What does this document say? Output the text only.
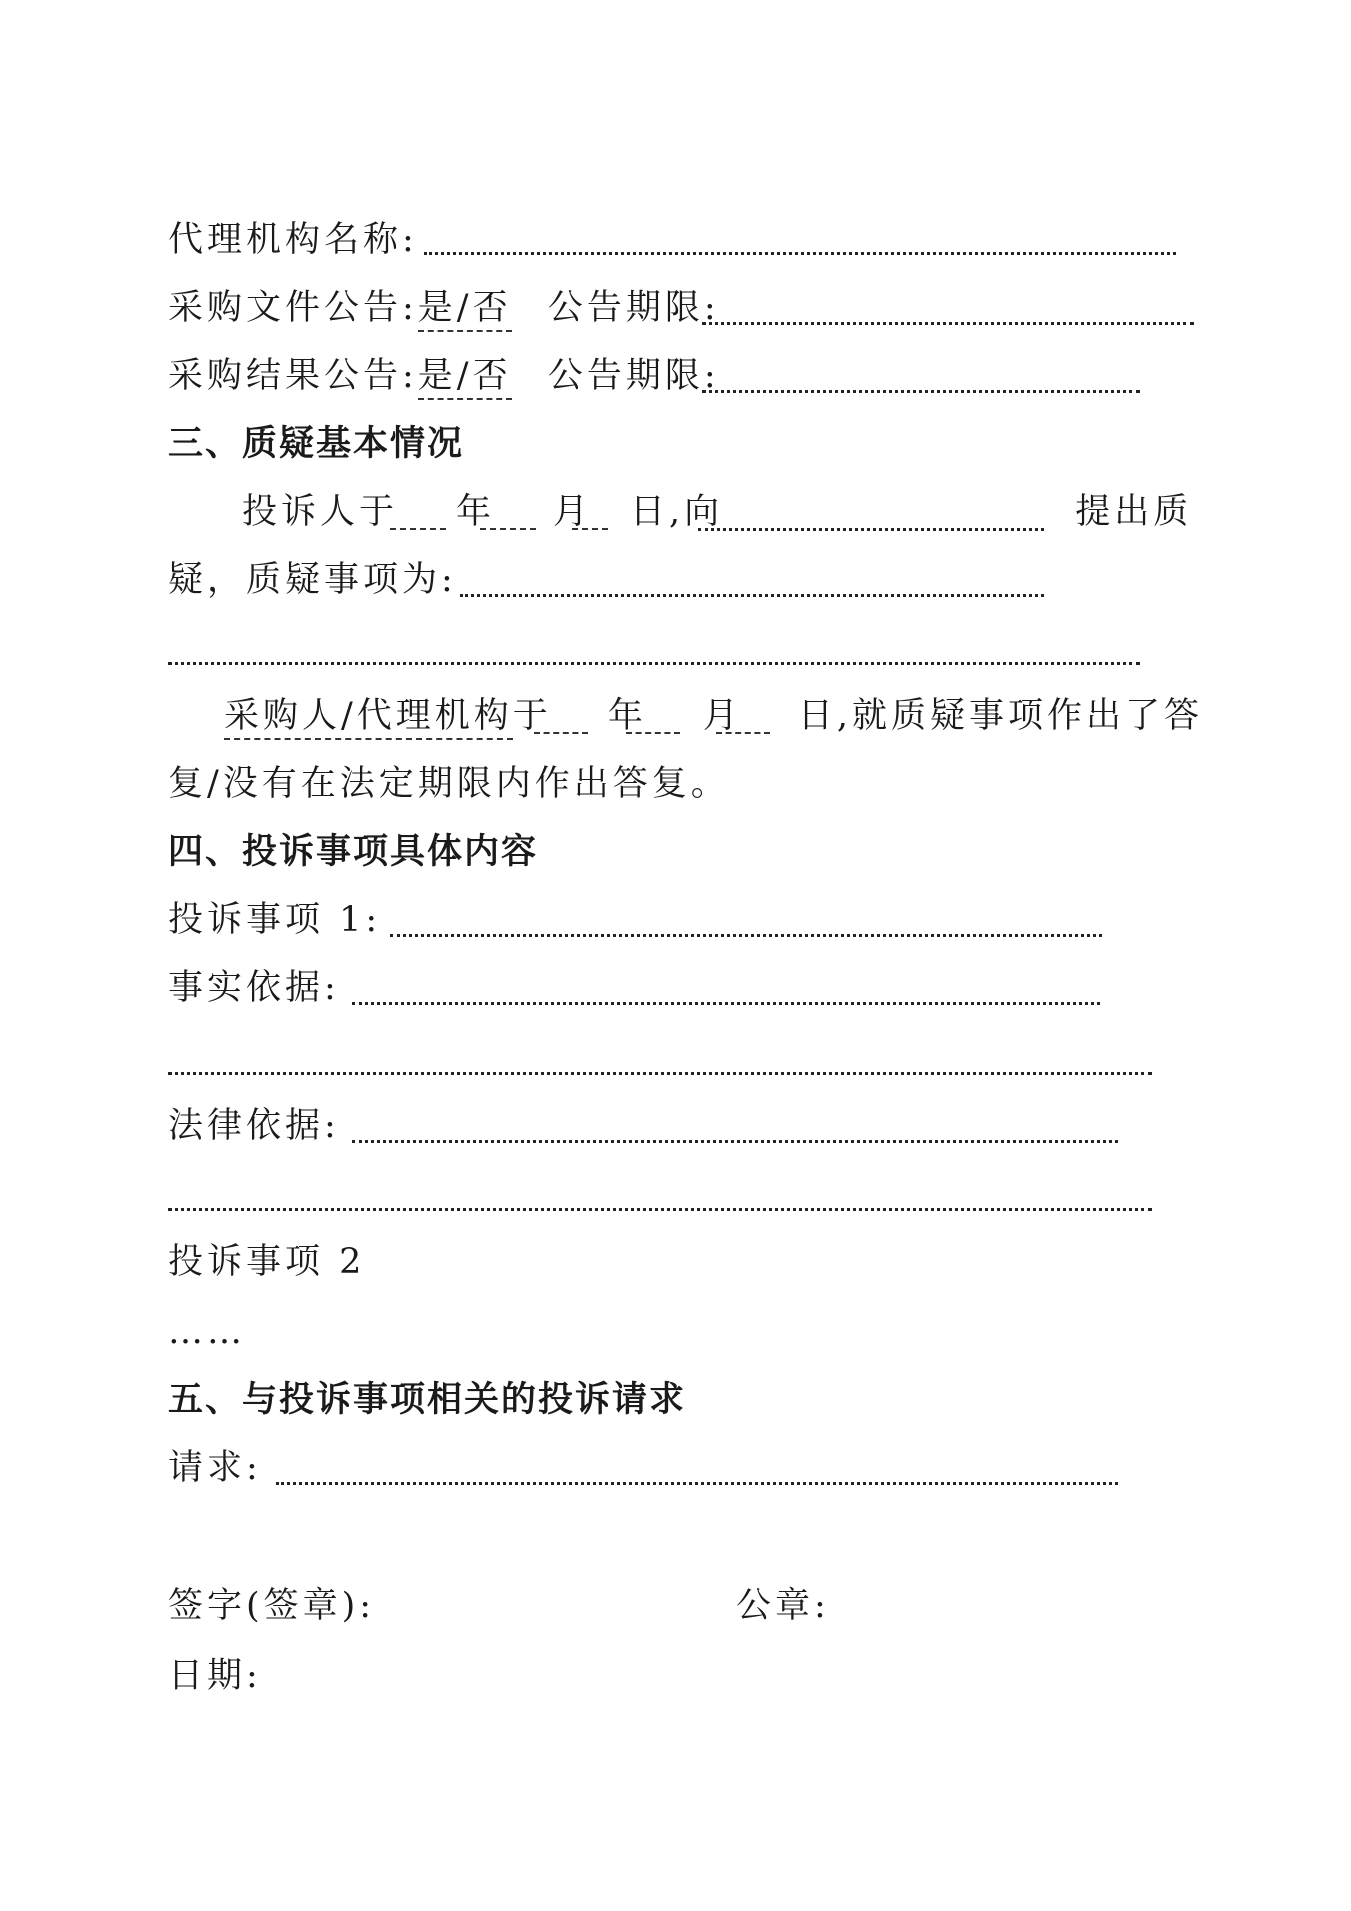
代理机构名称:
采购文件公告:是/否 公告期限:
采购结果公告:是/否 公告期限:
三、质疑基本情况
投诉人于 年 月 日,向	提出质
疑，质疑事项为:
采购人/代理机构于 年 月 日,就质疑事项作出了答
复/没有在法定期限内作出答复。
四、投诉事项具体内容
投诉事项 1:
事实依据:
法律依据:
投诉事项 2
……
五、与投诉事项相关的投诉请求
请求:
签字(签章):	公章:
日期:
